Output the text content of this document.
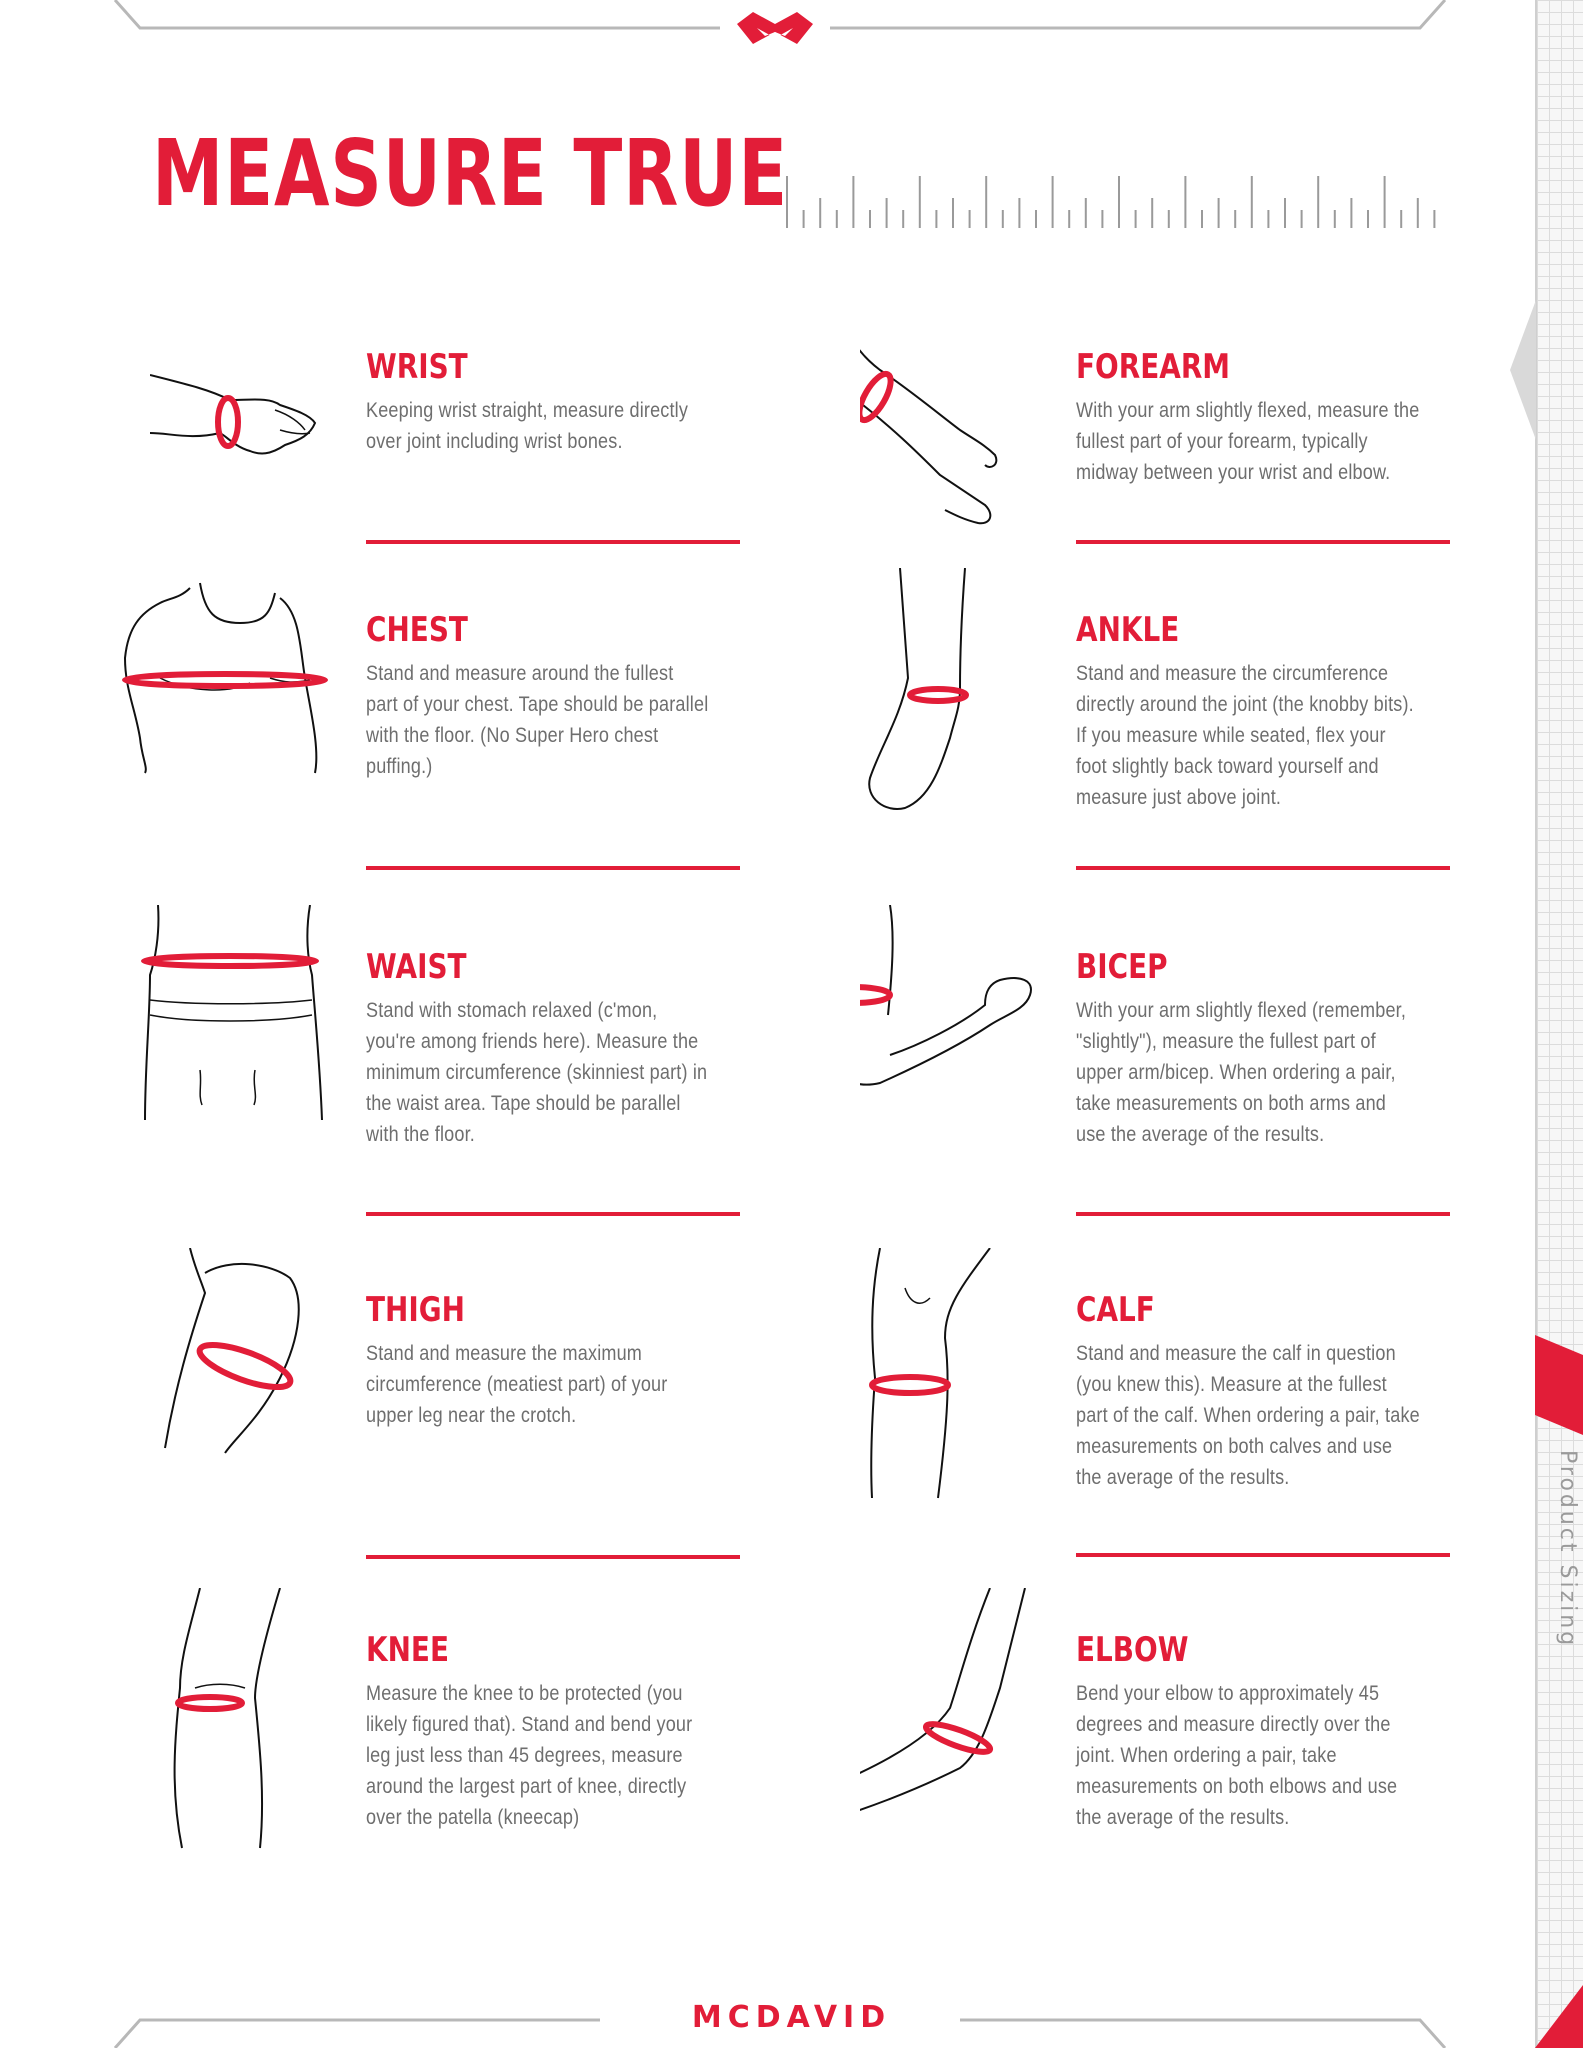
Product Sizing
MEASURE TRUE
WRIST

Keeping wrist straight, measure directly over joint including wrist bones.

FOREARM

With your arm slightly flexed, measure the fullest part of your forearm, typically midway between your wrist and elbow.

CHEST

Stand and measure around the fullest part of your chest. Tape should be parallel with the floor. (No Super Hero chest puffing.)

ANKLE

Stand and measure the circumference directly around the joint (the knobby bits). If you measure while seated, flex your foot slightly back toward yourself and measure just above joint.

WAIST

Stand with stomach relaxed (c'mon, you're among friends here). Measure the minimum circumference (skinniest part) in the waist area. Tape should be parallel with the floor.

BICEP

With your arm slightly flexed (remember, "slightly"), measure the fullest part of upper arm/bicep. When ordering a pair, take measurements on both arms and use the average of the results.

THIGH

Stand and measure the maximum circumference (meatiest part) of your upper leg near the crotch.

CALF

Stand and measure the calf in question (you knew this). Measure at the fullest part of the calf. When ordering a pair, take measurements on both calves and use the average of the results.

KNEE

Measure the knee to be protected (you likely figured that). Stand and bend your leg just less than 45 degrees, measure around the largest part of knee, directly over the patella (kneecap)

ELBOW

Bend your elbow to approximately 45 degrees and measure directly over the joint. When ordering a pair, take measurements on both elbows and use the average of the results.

MCDAVID
